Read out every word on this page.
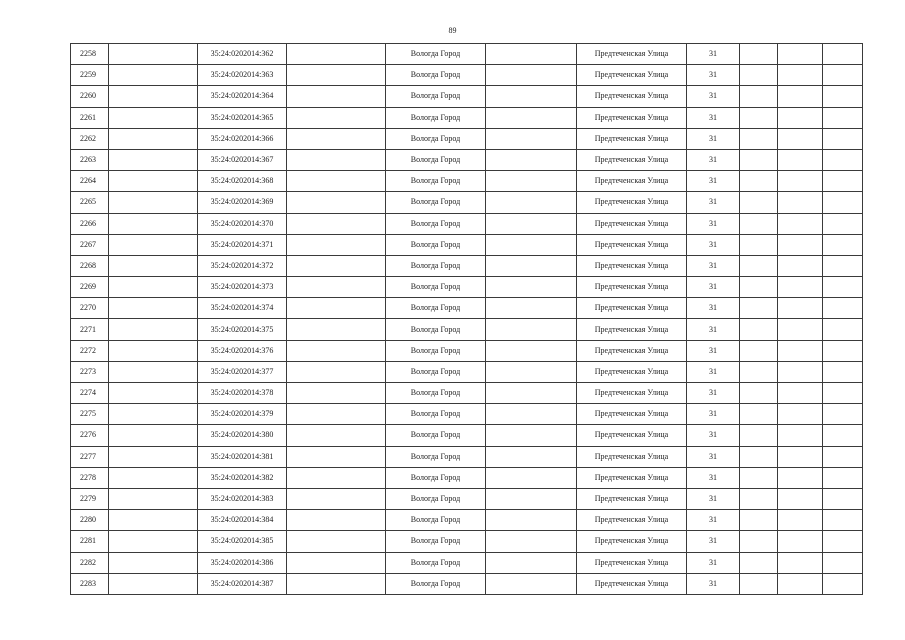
89
2258		35:24:0202014:362		Вологда Город		Предтеченская Улица	31			
2259		35:24:0202014:363		Вологда Город		Предтеченская Улица	31			
2260		35:24:0202014:364		Вологда Город		Предтеченская Улица	31			
2261		35:24:0202014:365		Вологда Город		Предтеченская Улица	31			
2262		35:24:0202014:366		Вологда Город		Предтеченская Улица	31			
2263		35:24:0202014:367		Вологда Город		Предтеченская Улица	31			
2264		35:24:0202014:368		Вологда Город		Предтеченская Улица	31			
2265		35:24:0202014:369		Вологда Город		Предтеченская Улица	31			
2266		35:24:0202014:370		Вологда Город		Предтеченская Улица	31			
2267		35:24:0202014:371		Вологда Город		Предтеченская Улица	31			
2268		35:24:0202014:372		Вологда Город		Предтеченская Улица	31			
2269		35:24:0202014:373		Вологда Город		Предтеченская Улица	31			
2270		35:24:0202014:374		Вологда Город		Предтеченская Улица	31			
2271		35:24:0202014:375		Вологда Город		Предтеченская Улица	31			
2272		35:24:0202014:376		Вологда Город		Предтеченская Улица	31			
2273		35:24:0202014:377		Вологда Город		Предтеченская Улица	31			
2274		35:24:0202014:378		Вологда Город		Предтеченская Улица	31			
2275		35:24:0202014:379		Вологда Город		Предтеченская Улица	31			
2276		35:24:0202014:380		Вологда Город		Предтеченская Улица	31			
2277		35:24:0202014:381		Вологда Город		Предтеченская Улица	31			
2278		35:24:0202014:382		Вологда Город		Предтеченская Улица	31			
2279		35:24:0202014:383		Вологда Город		Предтеченская Улица	31			
2280		35:24:0202014:384		Вологда Город		Предтеченская Улица	31			
2281		35:24:0202014:385		Вологда Город		Предтеченская Улица	31			
2282		35:24:0202014:386		Вологда Город		Предтеченская Улица	31			
2283		35:24:0202014:387		Вологда Город		Предтеченская Улица	31			
